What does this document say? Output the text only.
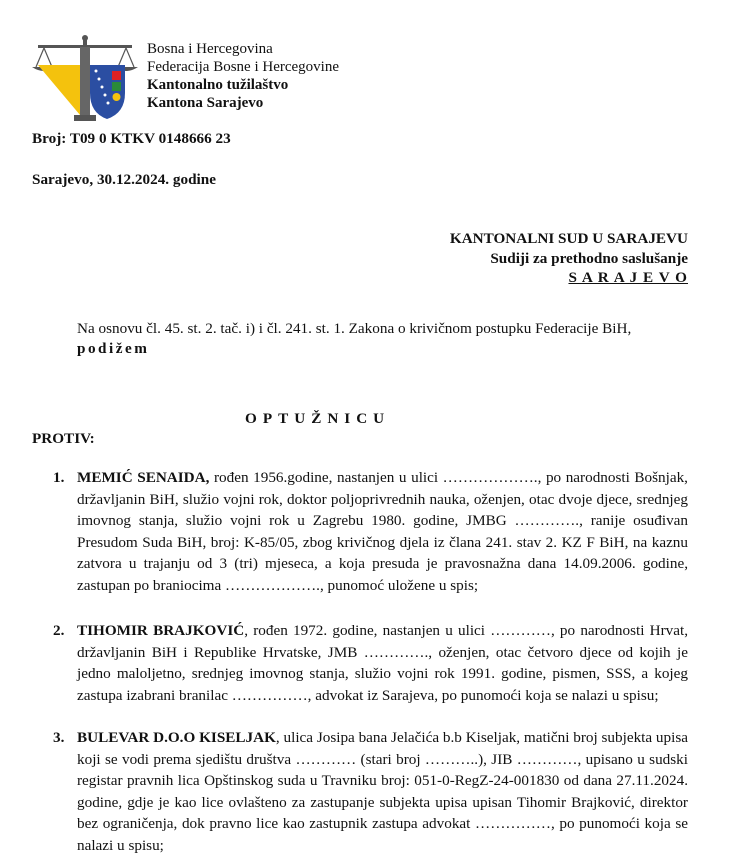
Bosna i Hercegovina
Federacija Bosne i Hercegovine
Kantonalno tužilaštvo
Kantona Sarajevo
Broj: T09 0 KTKV 0148666 23
Sarajevo, 30.12.2024. godine
KANTONALNI SUD U SARAJEVU
Sudiji za prethodno saslušanje
S A R A J E V O
Na osnovu čl. 45. st. 2. tač. i) i čl. 241. st. 1. Zakona o krivičnom postupku Federacije BiH,
podižem
OPTUŽNICU
PROTIV:
1. MEMIĆ SENAIDA, rođen 1956.godine, nastanjen u ulici ………………., po narodnosti Bošnjak, državljanin BiH, služio vojni rok, doktor poljoprivrednih nauka, oženjen, otac dvoje djece, srednjeg imovnog stanja, služio vojni rok u Zagrebu 1980. godine, JMBG …………., ranije osuđivan Presudom Suda BiH, broj: K-85/05, zbog krivičnog djela iz člana 241. stav 2. KZ F BiH, na kaznu zatvora u trajanju od 3 (tri) mjeseca, a koja presuda je pravosnažna dana 14.09.2006. godine, zastupan po braniocima ………………., punomoć uložene u spis;
2. TIHOMIR BRAJKOVIĆ, rođen 1972. godine, nastanjen u ulici …………, po narodnosti Hrvat, državljanin BiH i Republike Hrvatske, JMB …………., oženjen, otac četvoro djece od kojih je jedno maloljetno, srednjeg imovnog stanja, služio vojni rok 1991. godine, pismen, SSS, a kojeg zastupa izabrani branilac ……………, advokat iz Sarajeva, po punomoći koja se nalazi u spisu;
3. BULEVAR D.O.O KISELJAK, ulica Josipa bana Jelačića b.b Kiseljak, matični broj subjekta upisa koji se vodi prema sjedištu društva ………… (stari broj ………..), JIB …………, upisano u sudski registar pravnih lica Opštinskog suda u Travniku broj: 051-0-RegZ-24-001830 od dana 27.11.2024. godine, gdje je kao lice ovlašteno za zastupanje subjekta upisa upisan Tihomir Brajković, direktor bez ograničenja, dok pravno lice kao zastupnik zastupa advokat ……………, po punomoći koja se nalazi u spisu;
